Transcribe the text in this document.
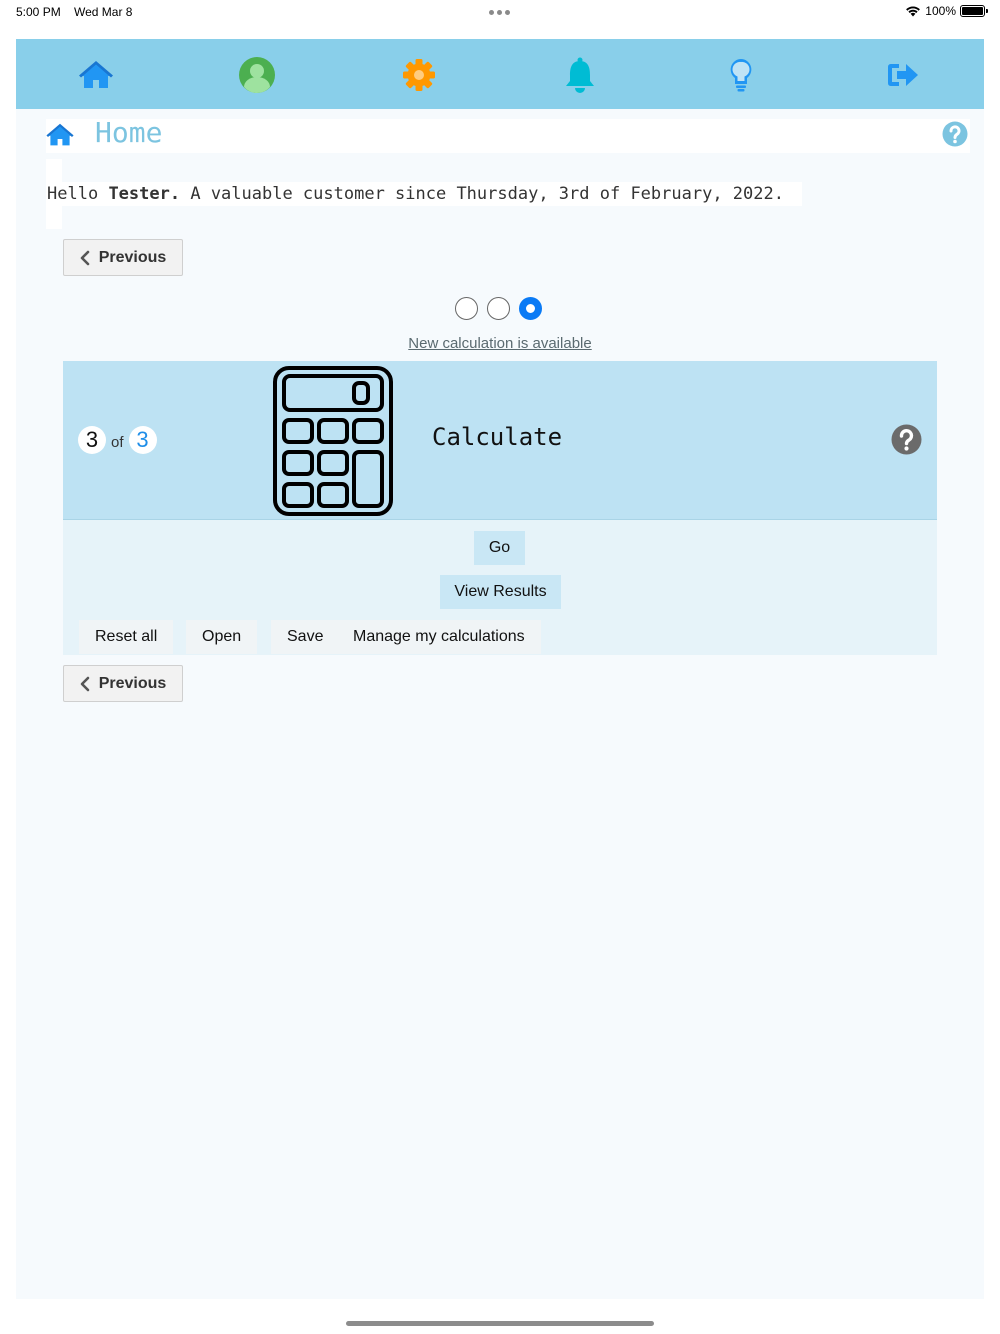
5:00 PM Wed Mar 8	100%
Home
Hello Tester. A valuable customer since Thursday, 3rd of February, 2022.
Previous
New calculation is available
3 of 3	Calculate
Go
View Results
Reset all	Open	Save	Manage my calculations
Previous
